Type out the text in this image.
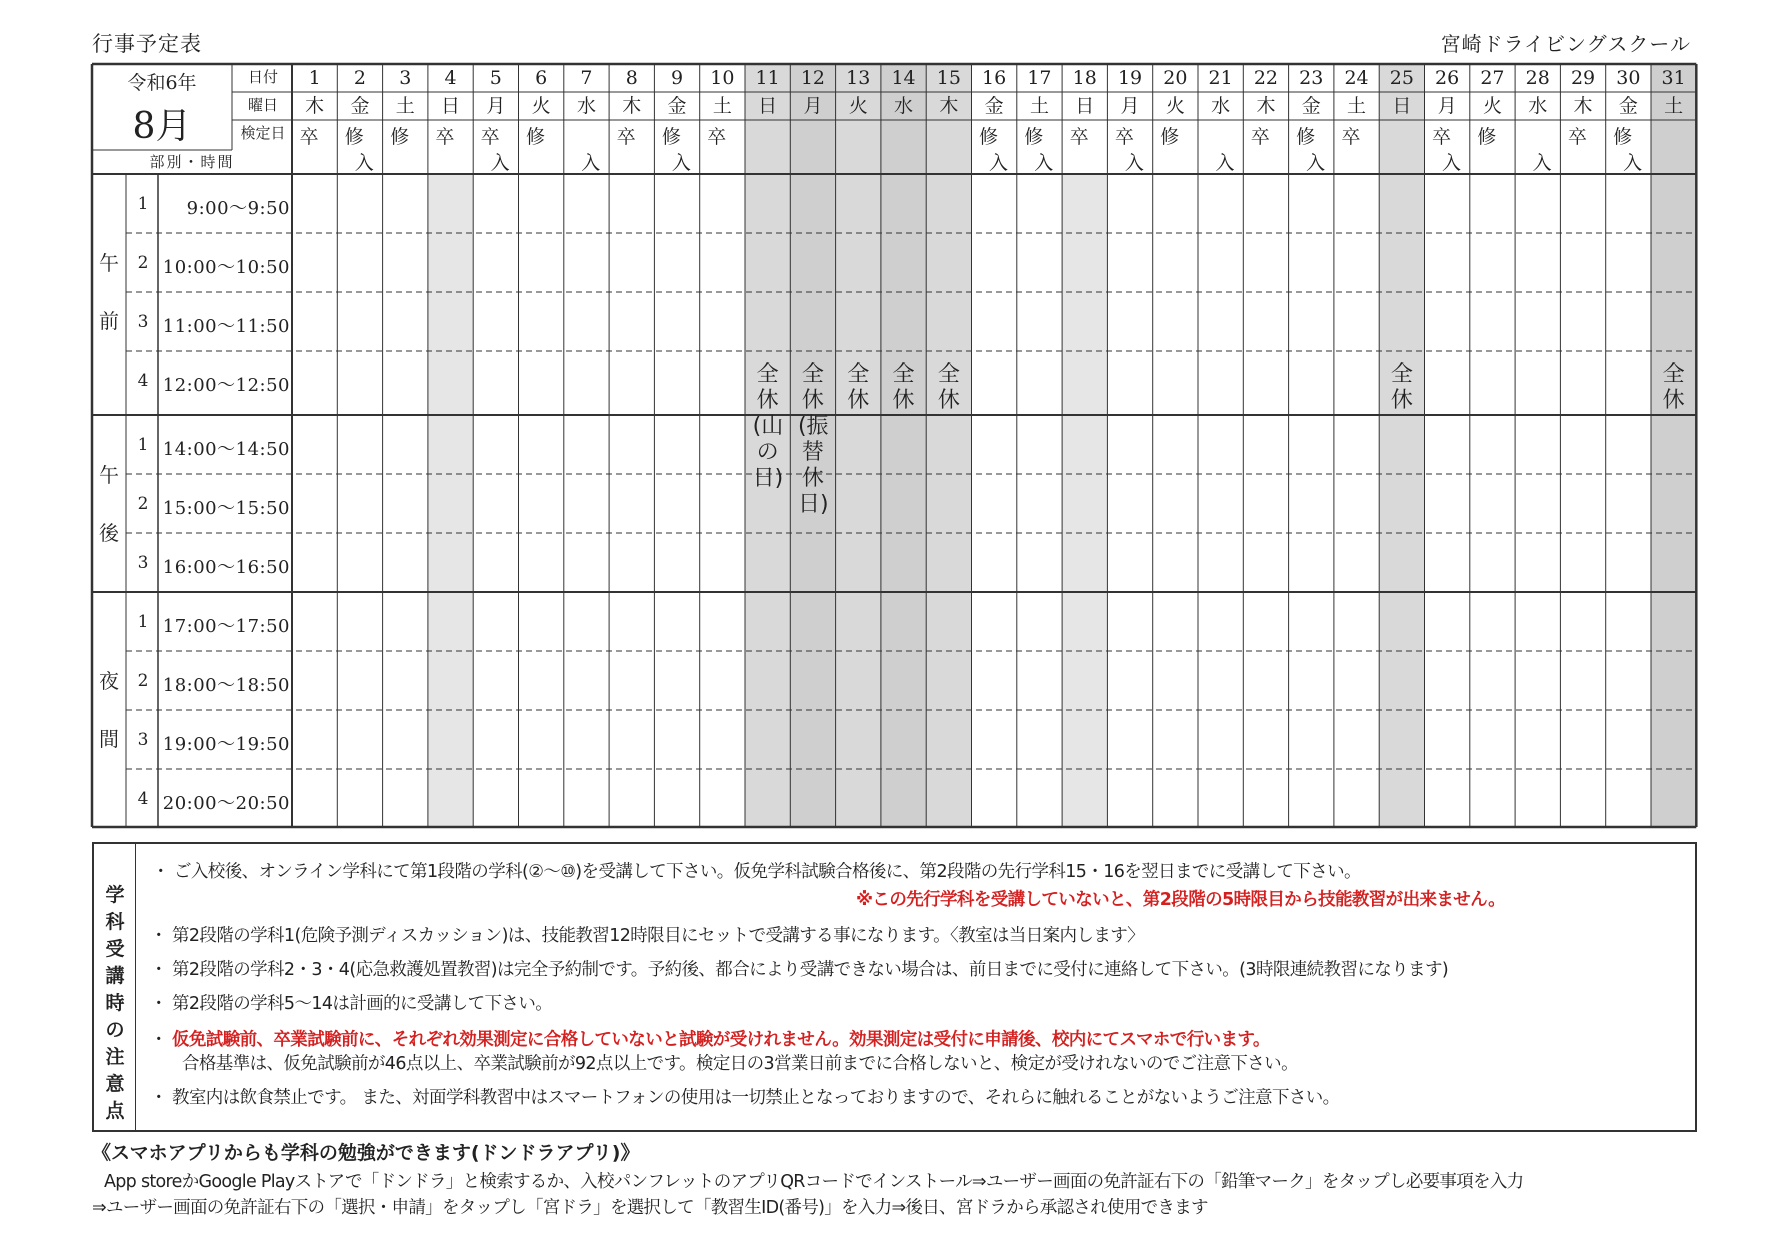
行事予定表	宮崎ドライビングスクール
令和6年
8月
日付
曜日
検定日
部別・時間
1
木
卒
2
金
修
入
3
土
修
4
日
卒
5
月
卒
入
6
火
修
7
水
入
8
木
卒
9
金
修
入
10
土
卒
11
日
12
月
13
火
14
水
15
木
16
金
修
入
17
土
修
入
18
日
卒
19
月
卒
入
20
火
修
21
水
入
22
木
卒
23
金
修
入
24
土
卒
25
日
26
月
卒
入
27
火
修
28
水
入
29
木
卒
30
金
修
入
31
土
午
前
1	9:00～9:50
2 10:00～10:50
3 11:00～11:50
4 12:00～12:50
午
後
1 14:00～14:50
2 15:00～15:50
3 16:00～16:50
夜
間
1 17:00～17:50
2 18:00～18:50
3 19:00～19:50
4 20:00～20:50
全休(山の日)
全休(振替休日)
全休
全休
全休
全休
全休
学科受講時の注意点
・ ご入校後、オンライン学科にて第1段階の学科(②～⑩)を受講して下さい。仮免学科試験合格後に、第2段階の先行学科15・16を翌日までに受講して下さい。
※この先行学科を受講していないと、第2段階の5時限目から技能教習が出来ません。
・ 第2段階の学科1(危険予測ディスカッション)は、技能教習12時限目にセットで受講する事になります。〈教室は当日案内します〉
・ 第2段階の学科2・3・4(応急救護処置教習)は完全予約制です。予約後、都合により受講できない場合は、前日までに受付に連絡して下さい。(3時限連続教習になります)
・ 第2段階の学科5～14は計画的に受講して下さい。
・ 仮免試験前、卒業試験前に、それぞれ効果測定に合格していないと試験が受けれません。効果測定は受付に申請後、校内にてスマホで行います。
合格基準は、仮免試験前が46点以上、卒業試験前が92点以上です。検定日の3営業日前までに合格しないと、検定が受けれないのでご注意下さい。
・ 教室内は飲食禁止です。 また、対面学科教習中はスマートフォンの使用は一切禁止となっておりますので、それらに触れることがないようご注意下さい。
《スマホアプリからも学科の勉強ができます(ドンドラアプリ)》
App storeかGoogle Playストアで「ドンドラ」と検索するか、入校パンフレットのアプリQRコードでインストール⇒ユーザー画面の免許証右下の「鉛筆マーク」をタップし必要事項を入力
⇒ユーザー画面の免許証右下の「選択・申請」をタップし「宮ドラ」を選択して「教習生ID(番号)」を入力⇒後日、宮ドラから承認され使用できます
